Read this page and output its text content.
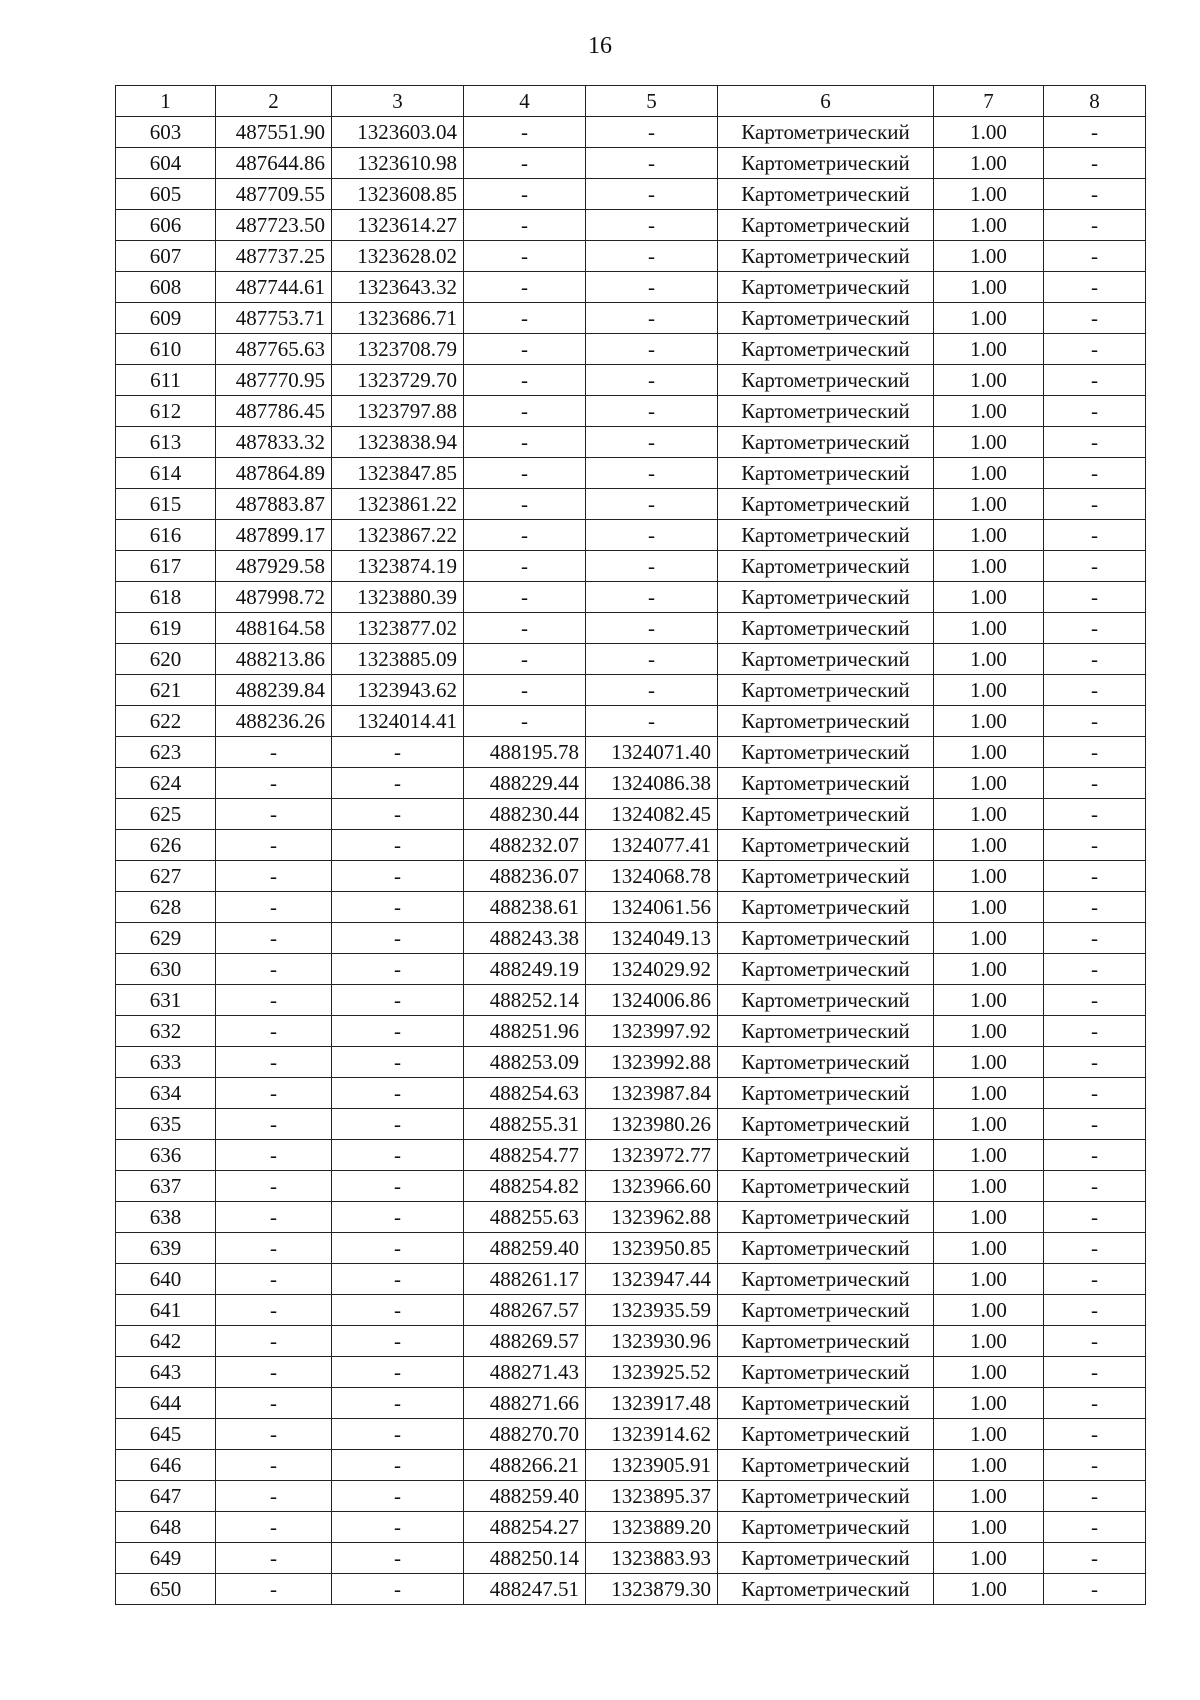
16
1	2	3	4	5	6	7	8
603	487551.90	1323603.04	-	-	Картометрический	1.00	-
604	487644.86	1323610.98	-	-	Картометрический	1.00	-
605	487709.55	1323608.85	-	-	Картометрический	1.00	-
606	487723.50	1323614.27	-	-	Картометрический	1.00	-
607	487737.25	1323628.02	-	-	Картометрический	1.00	-
608	487744.61	1323643.32	-	-	Картометрический	1.00	-
609	487753.71	1323686.71	-	-	Картометрический	1.00	-
610	487765.63	1323708.79	-	-	Картометрический	1.00	-
611	487770.95	1323729.70	-	-	Картометрический	1.00	-
612	487786.45	1323797.88	-	-	Картометрический	1.00	-
613	487833.32	1323838.94	-	-	Картометрический	1.00	-
614	487864.89	1323847.85	-	-	Картометрический	1.00	-
615	487883.87	1323861.22	-	-	Картометрический	1.00	-
616	487899.17	1323867.22	-	-	Картометрический	1.00	-
617	487929.58	1323874.19	-	-	Картометрический	1.00	-
618	487998.72	1323880.39	-	-	Картометрический	1.00	-
619	488164.58	1323877.02	-	-	Картометрический	1.00	-
620	488213.86	1323885.09	-	-	Картометрический	1.00	-
621	488239.84	1323943.62	-	-	Картометрический	1.00	-
622	488236.26	1324014.41	-	-	Картометрический	1.00	-
623	-	-	488195.78	1324071.40	Картометрический	1.00	-
624	-	-	488229.44	1324086.38	Картометрический	1.00	-
625	-	-	488230.44	1324082.45	Картометрический	1.00	-
626	-	-	488232.07	1324077.41	Картометрический	1.00	-
627	-	-	488236.07	1324068.78	Картометрический	1.00	-
628	-	-	488238.61	1324061.56	Картометрический	1.00	-
629	-	-	488243.38	1324049.13	Картометрический	1.00	-
630	-	-	488249.19	1324029.92	Картометрический	1.00	-
631	-	-	488252.14	1324006.86	Картометрический	1.00	-
632	-	-	488251.96	1323997.92	Картометрический	1.00	-
633	-	-	488253.09	1323992.88	Картометрический	1.00	-
634	-	-	488254.63	1323987.84	Картометрический	1.00	-
635	-	-	488255.31	1323980.26	Картометрический	1.00	-
636	-	-	488254.77	1323972.77	Картометрический	1.00	-
637	-	-	488254.82	1323966.60	Картометрический	1.00	-
638	-	-	488255.63	1323962.88	Картометрический	1.00	-
639	-	-	488259.40	1323950.85	Картометрический	1.00	-
640	-	-	488261.17	1323947.44	Картометрический	1.00	-
641	-	-	488267.57	1323935.59	Картометрический	1.00	-
642	-	-	488269.57	1323930.96	Картометрический	1.00	-
643	-	-	488271.43	1323925.52	Картометрический	1.00	-
644	-	-	488271.66	1323917.48	Картометрический	1.00	-
645	-	-	488270.70	1323914.62	Картометрический	1.00	-
646	-	-	488266.21	1323905.91	Картометрический	1.00	-
647	-	-	488259.40	1323895.37	Картометрический	1.00	-
648	-	-	488254.27	1323889.20	Картометрический	1.00	-
649	-	-	488250.14	1323883.93	Картометрический	1.00	-
650	-	-	488247.51	1323879.30	Картометрический	1.00	-
